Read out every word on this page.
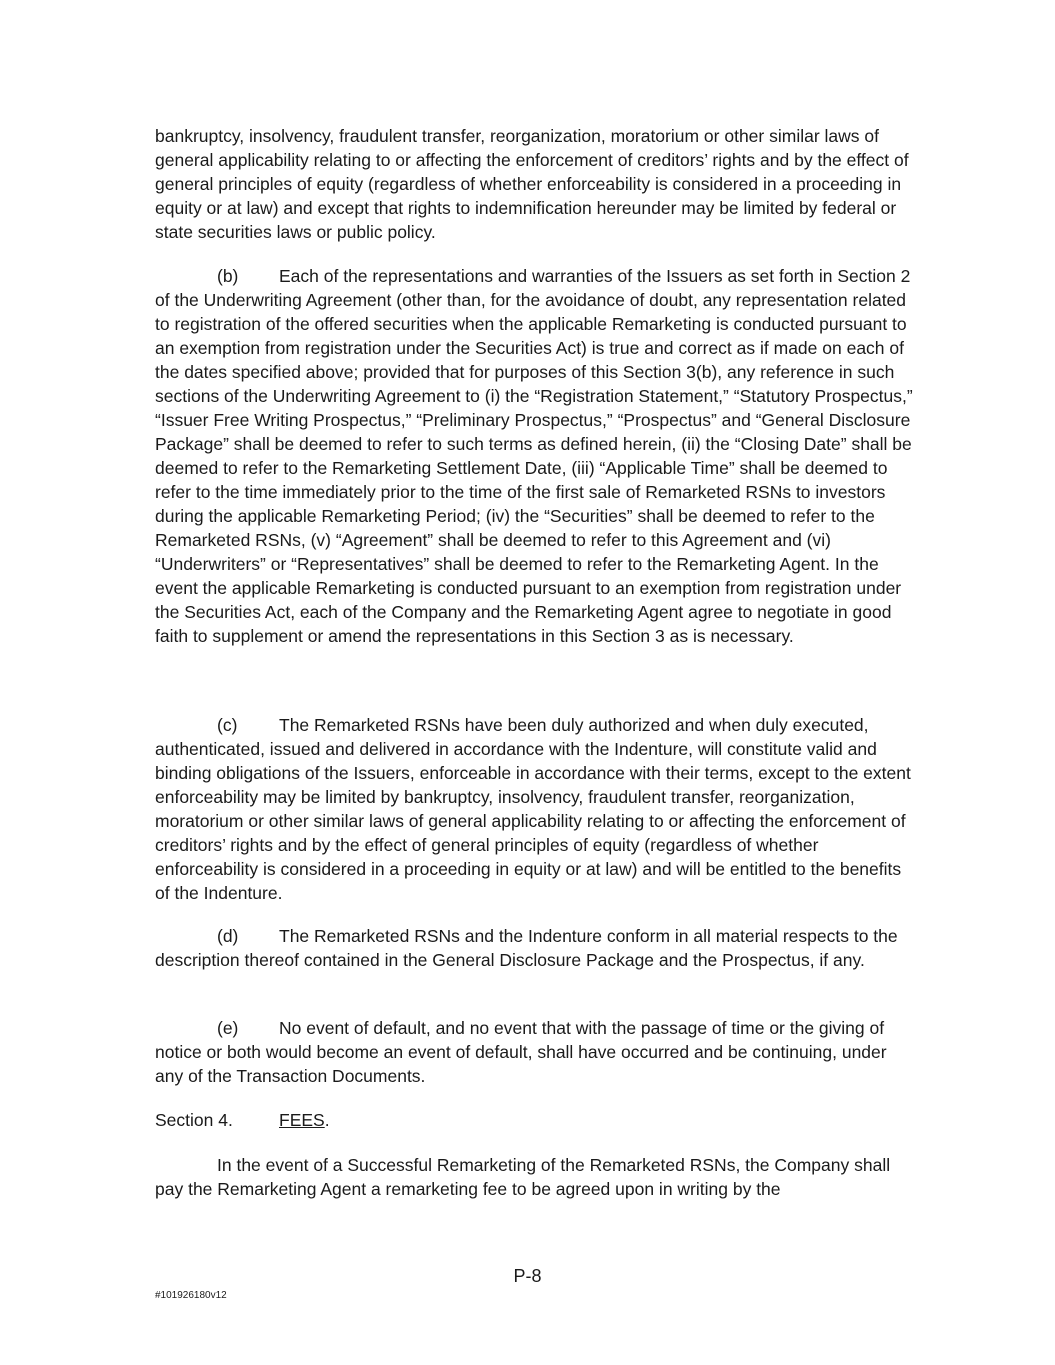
bankruptcy, insolvency, fraudulent transfer, reorganization, moratorium or other similar laws of general applicability relating to or affecting the enforcement of creditors’ rights and by the effect of general principles of equity (regardless of whether enforceability is considered in a proceeding in equity or at law) and except that rights to indemnification hereunder may be limited by federal or state securities laws or public policy.

(b) Each of the representations and warranties of the Issuers as set forth in Section 2 of the Underwriting Agreement (other than, for the avoidance of doubt, any representation related to registration of the offered securities when the applicable Remarketing is conducted pursuant to an exemption from registration under the Securities Act) is true and correct as if made on each of the dates specified above; provided that for purposes of this Section 3(b), any reference in such sections of the Underwriting Agreement to (i) the “Registration Statement,” “Statutory Prospectus,” “Issuer Free Writing Prospectus,” “Preliminary Prospectus,” “Prospectus” and “General Disclosure Package” shall be deemed to refer to such terms as defined herein, (ii) the “Closing Date” shall be deemed to refer to the Remarketing Settlement Date, (iii) “Applicable Time” shall be deemed to refer to the time immediately prior to the time of the first sale of Remarketed RSNs to investors during the applicable Remarketing Period; (iv) the “Securities” shall be deemed to refer to the Remarketed RSNs, (v) “Agreement” shall be deemed to refer to this Agreement and (vi) “Underwriters” or “Representatives” shall be deemed to refer to the Remarketing Agent. In the event the applicable Remarketing is conducted pursuant to an exemption from registration under the Securities Act, each of the Company and the Remarketing Agent agree to negotiate in good faith to supplement or amend the representations in this Section 3 as is necessary.

(c) The Remarketed RSNs have been duly authorized and when duly executed, authenticated, issued and delivered in accordance with the Indenture, will constitute valid and binding obligations of the Issuers, enforceable in accordance with their terms, except to the extent enforceability may be limited by bankruptcy, insolvency, fraudulent transfer, reorganization, moratorium or other similar laws of general applicability relating to or affecting the enforcement of creditors’ rights and by the effect of general principles of equity (regardless of whether enforceability is considered in a proceeding in equity or at law) and will be entitled to the benefits of the Indenture.

(d) The Remarketed RSNs and the Indenture conform in all material respects to the description thereof contained in the General Disclosure Package and the Prospectus, if any.

(e) No event of default, and no event that with the passage of time or the giving of notice or both would become an event of default, shall have occurred and be continuing, under any of the Transaction Documents.

Section 4.	FEES.

In the event of a Successful Remarketing of the Remarketed RSNs, the Company shall pay the Remarketing Agent a remarketing fee to be agreed upon in writing by the

P-8
#101926180v12
